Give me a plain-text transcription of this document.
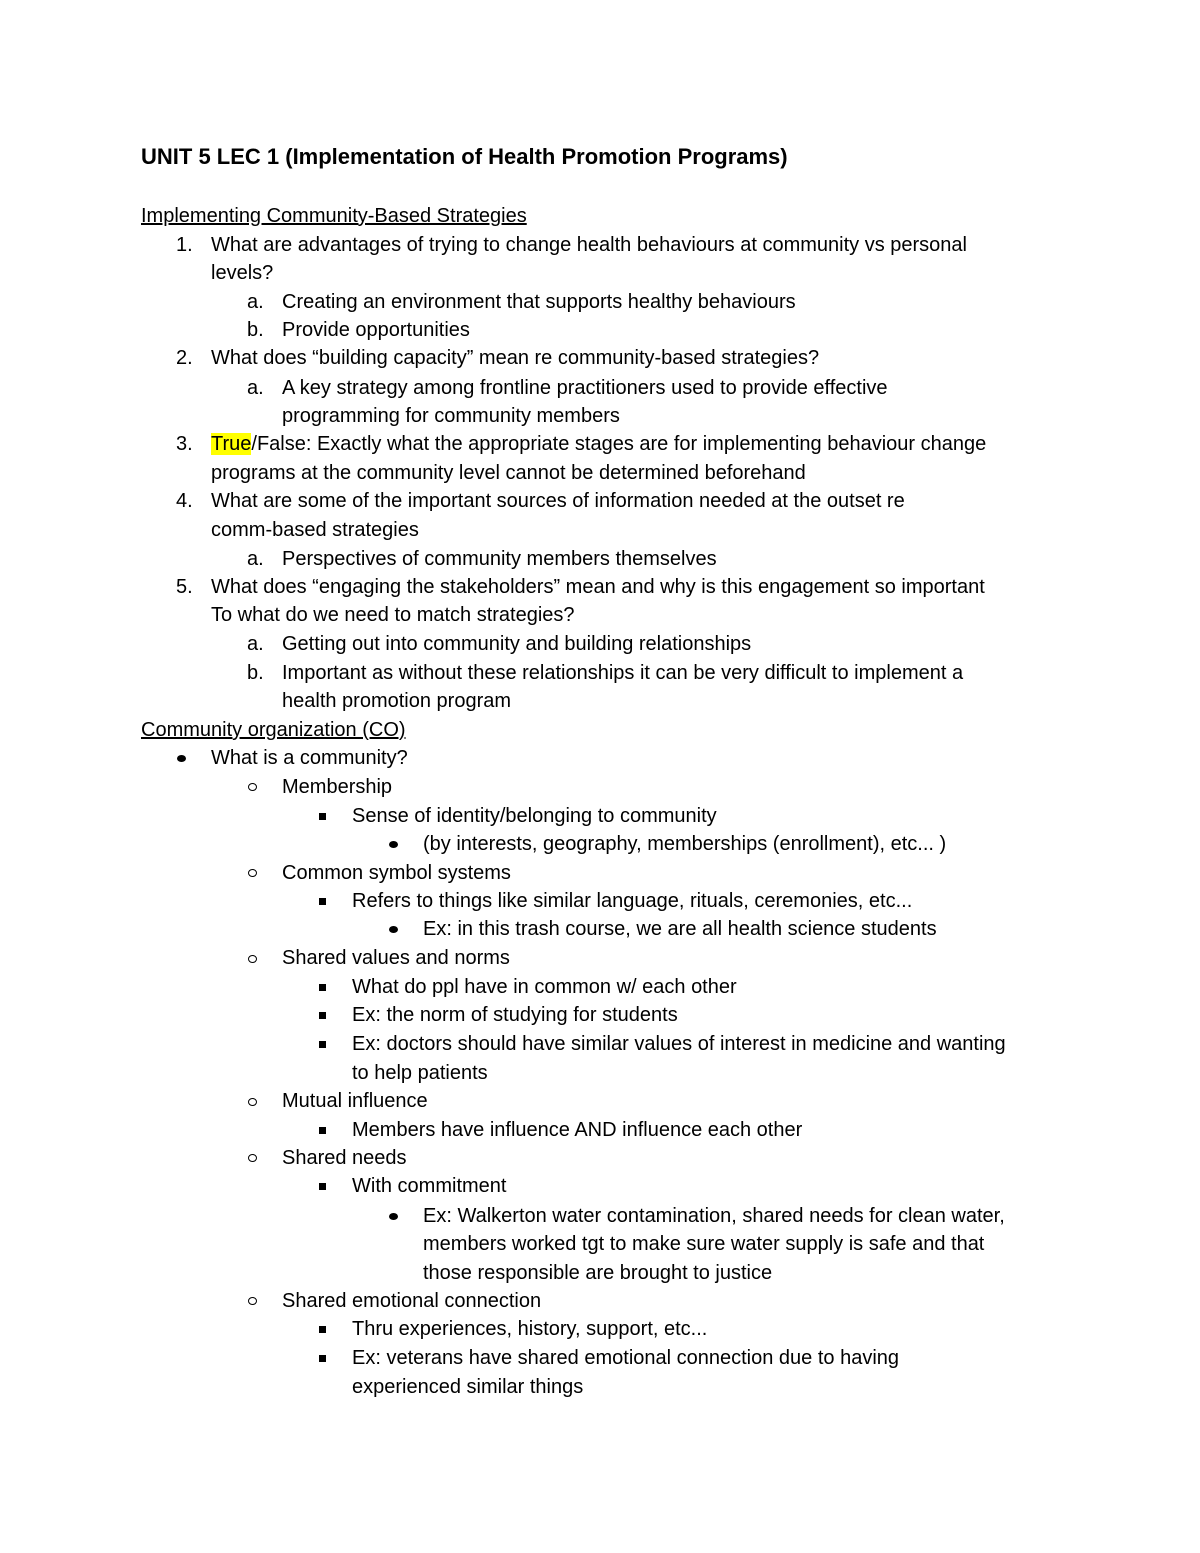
UNIT 5 LEC 1 (Implementation of Health Promotion Programs)
Implementing Community-Based Strategies
1. What are advantages of trying to change health behaviours at community vs personal
levels?
a. Creating an environment that supports healthy behaviours
b. Provide opportunities
2. What does “building capacity” mean re community-based strategies?
a. A key strategy among frontline practitioners used to provide effective
programming for community members
3. True/False: Exactly what the appropriate stages are for implementing behaviour change
programs at the community level cannot be determined beforehand
4. What are some of the important sources of information needed at the outset re
comm-based strategies
a. Perspectives of community members themselves
5. What does “engaging the stakeholders” mean and why is this engagement so important
To what do we need to match strategies?
a. Getting out into community and building relationships
b. Important as without these relationships it can be very difficult to implement a
health promotion program
Community organization (CO)
What is a community?
Membership
Sense of identity/belonging to community
(by interests, geography, memberships (enrollment), etc... )
Common symbol systems
Refers to things like similar language, rituals, ceremonies, etc...
Ex: in this trash course, we are all health science students
Shared values and norms
What do ppl have in common w/ each other
Ex: the norm of studying for students
Ex: doctors should have similar values of interest in medicine and wanting
to help patients
Mutual influence
Members have influence AND influence each other
Shared needs
With commitment
Ex: Walkerton water contamination, shared needs for clean water,
members worked tgt to make sure water supply is safe and that
those responsible are brought to justice
Shared emotional connection
Thru experiences, history, support, etc...
Ex: veterans have shared emotional connection due to having
experienced similar things
